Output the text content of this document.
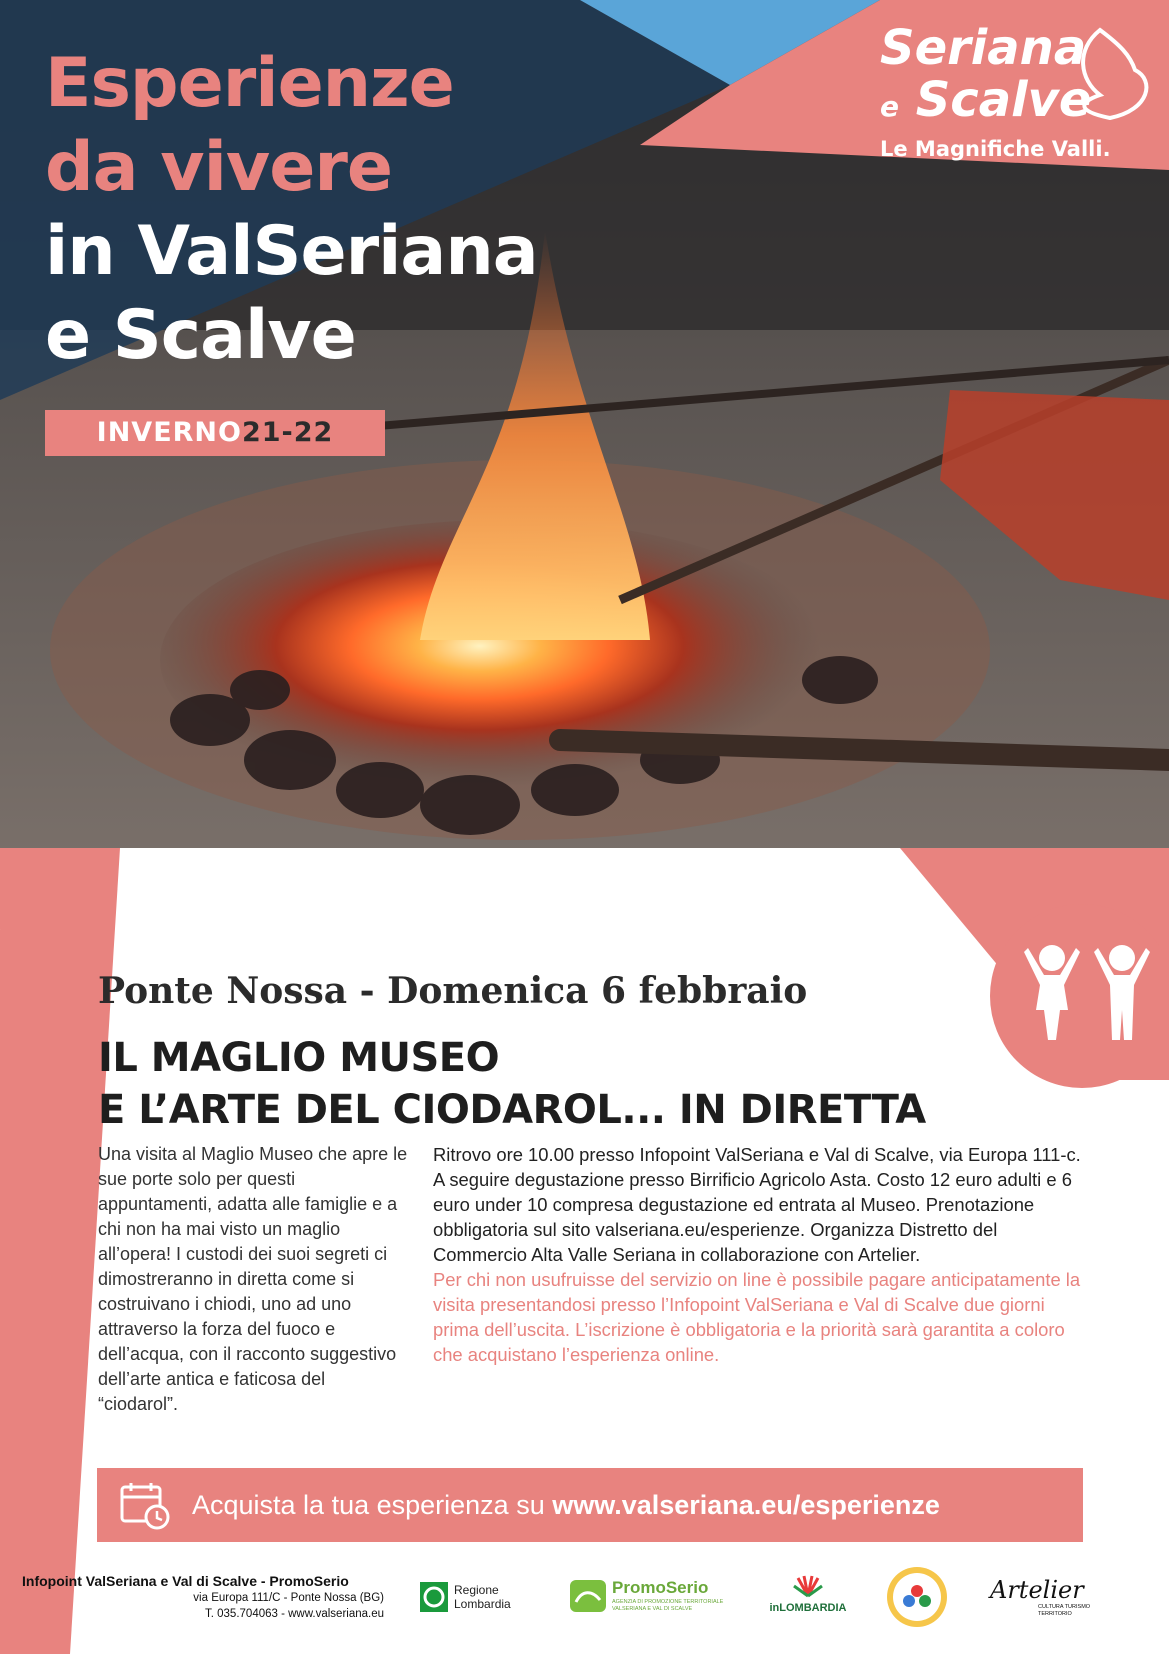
Esperienze

da vivere

in ValSeriana

e Scalve

INVERNO21-22
Seriana
e Scalve
Le Magnifiche Valli.
Ponte Nossa - Domenica 6 febbraio
IL MAGLIO MUSEO
E L’ARTE DEL CIODAROL... IN DIRETTA
Una visita al Maglio Museo che apre le sue porte solo per questi appuntamenti, adatta alle famiglie e a chi non ha mai visto un maglio all’opera! I custodi dei suoi segreti ci dimostreranno in diretta come si costruivano i chiodi, uno ad uno attraverso la forza del fuoco e dell’acqua, con il racconto suggestivo dell’arte antica e faticosa del “ciodarol”.
Ritrovo ore 10.00 presso Infopoint ValSeriana e Val di Scalve, via Europa 111-c. A seguire degustazione presso Birrificio Agricolo Asta. Costo 12 euro adulti e 6 euro under 10 compresa degustazione ed entrata al Museo. Prenotazione obbligatoria sul sito valseriana.eu/esperienze. Organizza Distretto del Commercio Alta Valle Seriana in collaborazione con Artelier.
Per chi non usufruisse del servizio on line è possibile pagare anticipatamente la visita presentandosi presso l’Infopoint ValSeriana e Val di Scalve due giorni prima dell’uscita. L’iscrizione è obbligatoria e la priorità sarà garantita a coloro che acquistano l’esperienza online.
Acquista la tua esperienza su www.valseriana.eu/esperienze
Infopoint ValSeriana e Val di Scalve - PromoSerio
via Europa 111/C - Ponte Nossa (BG)
T. 035.704063 - www.valseriana.eu
Regione Lombardia
PromoSerio
AGENZIA DI PROMOZIONE TERRITORIALE VALSERIANA E VAL DI SCALVE	inLOMBARDIA
Artelier
CULTURA TURISMO TERRITORIO
